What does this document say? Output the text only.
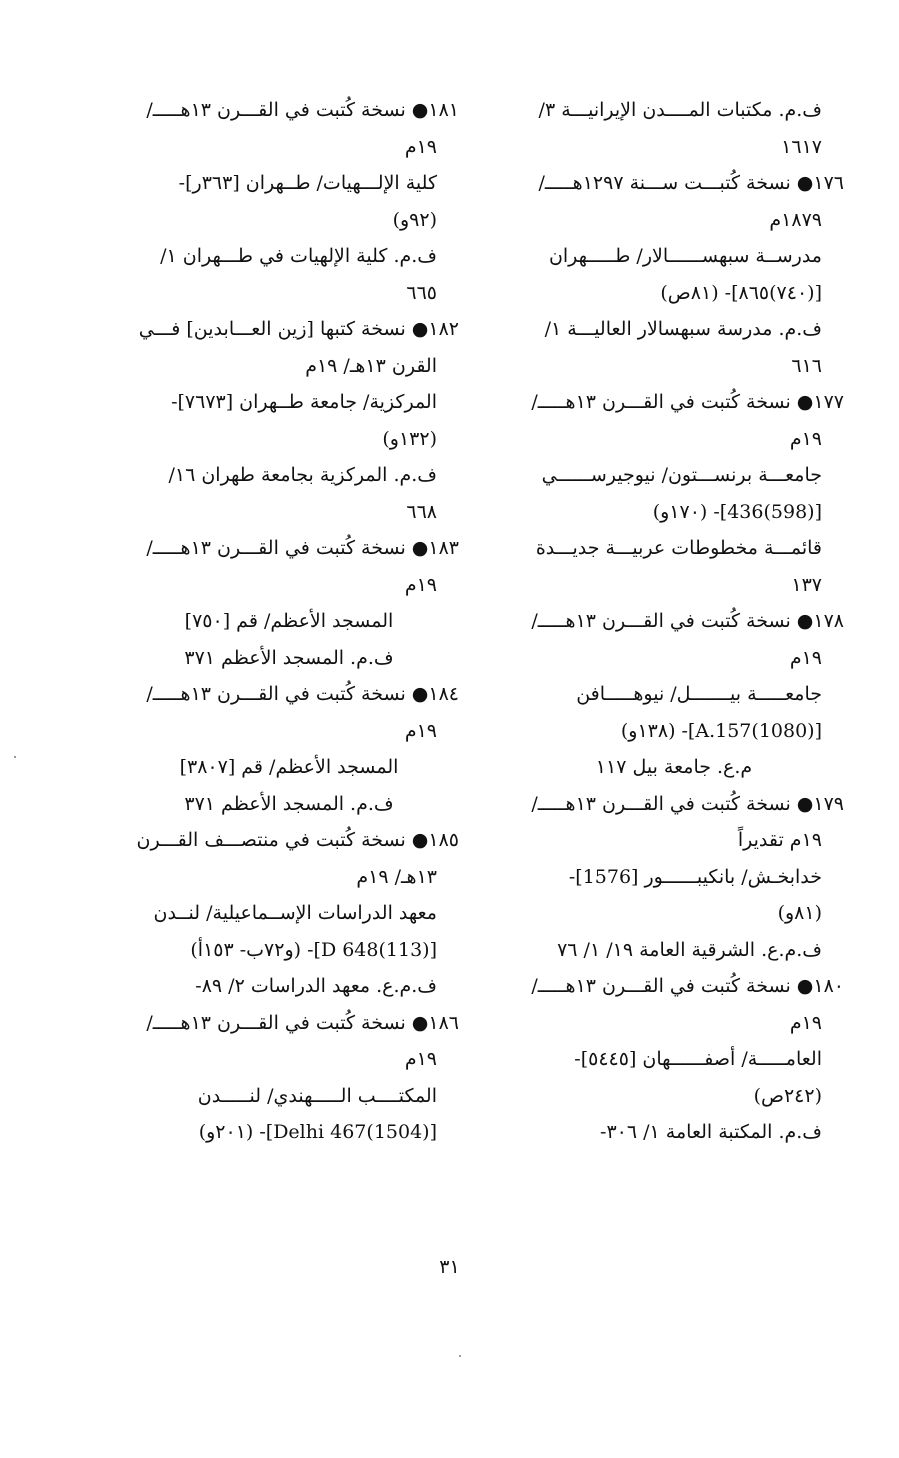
ف.م. مكتبات المــــدن الإيرانيـــة ٣/
١٦١٧
١٧٦● نسخة كُتبـــت ســـنة ١٢٩٧هـــــ/
١٨٧٩م
مدرســة سبهســــــالار/ طـــــهران
[(٧٤٠)٨٦٥]- (٨١ص)
ف.م. مدرسة سبهسالار العاليـــة ١/
٦١٦
١٧٧● نسخة كُتبت في القـــرن ١٣هـــــ/
١٩م
جامعـــة برنســـتون/ نيوجيرســــــي
[(598)436]- (١٧٠و)
قائمـــة مخطوطات عربيـــة جديـــدة
١٣٧
١٧٨● نسخة كُتبت في القـــرن ١٣هـــــ/
١٩م
جامعـــــة بيـــــــل/ نيوهـــــافن
[(1080)A.157]- (١٣٨و)
م.ع. جامعة بيل ١١٧
١٧٩● نسخة كُتبت في القـــرن ١٣هـــــ/
١٩م تقديراً
خدابخـش/ بانكيبــــــور [1576]-
(٨١و)
ف.م.ع. الشرقية العامة ١٩/ ١/ ٧٦
١٨٠● نسخة كُتبت في القـــرن ١٣هـــــ/
١٩م
العامـــــة/ أصفــــــهان [٥٤٤٥]-
(٢٤٢ص)
ف.م. المكتبة العامة ١/ ٣٠٦-
١٨١● نسخة كُتبت في القـــرن ١٣هـــــ/
١٩م
كلية الإلـــهيات/ طــهران [٣٦٣ر]-
(٩٢و)
ف.م. كلية الإلهيات في طـــهران ١/
٦٦٥
١٨٢● نسخة كتبها [زين العـــابدين] فـــي
القرن ١٣هـ/ ١٩م
المركزية/ جامعة طــهران [٧٦٧٣]-
(١٣٢و)
ف.م. المركزية بجامعة طهران ١٦/
٦٦٨
١٨٣● نسخة كُتبت في القـــرن ١٣هـــــ/
١٩م
المسجد الأعظم/ قم [٧٥٠]
ف.م. المسجد الأعظم ٣٧١
١٨٤● نسخة كُتبت في القـــرن ١٣هـــــ/
١٩م
المسجد الأعظم/ قم [٣٨٠٧]
ف.م. المسجد الأعظم ٣٧١
١٨٥● نسخة كُتبت في منتصـــف القـــرن
١٣هـ/ ١٩م
معهد الدراسات الإســماعيلية/ لنــدن
[(113)D 648]- (و٧٢ب- ١٥٣أ)
ف.م.ع. معهد الدراسات ٢/ ٨٩-
١٨٦● نسخة كُتبت في القـــرن ١٣هـــــ/
١٩م
المكتــــب الـــــهندي/ لنـــــدن
[(1504)Delhi 467]- (٢٠١و)
٣١
